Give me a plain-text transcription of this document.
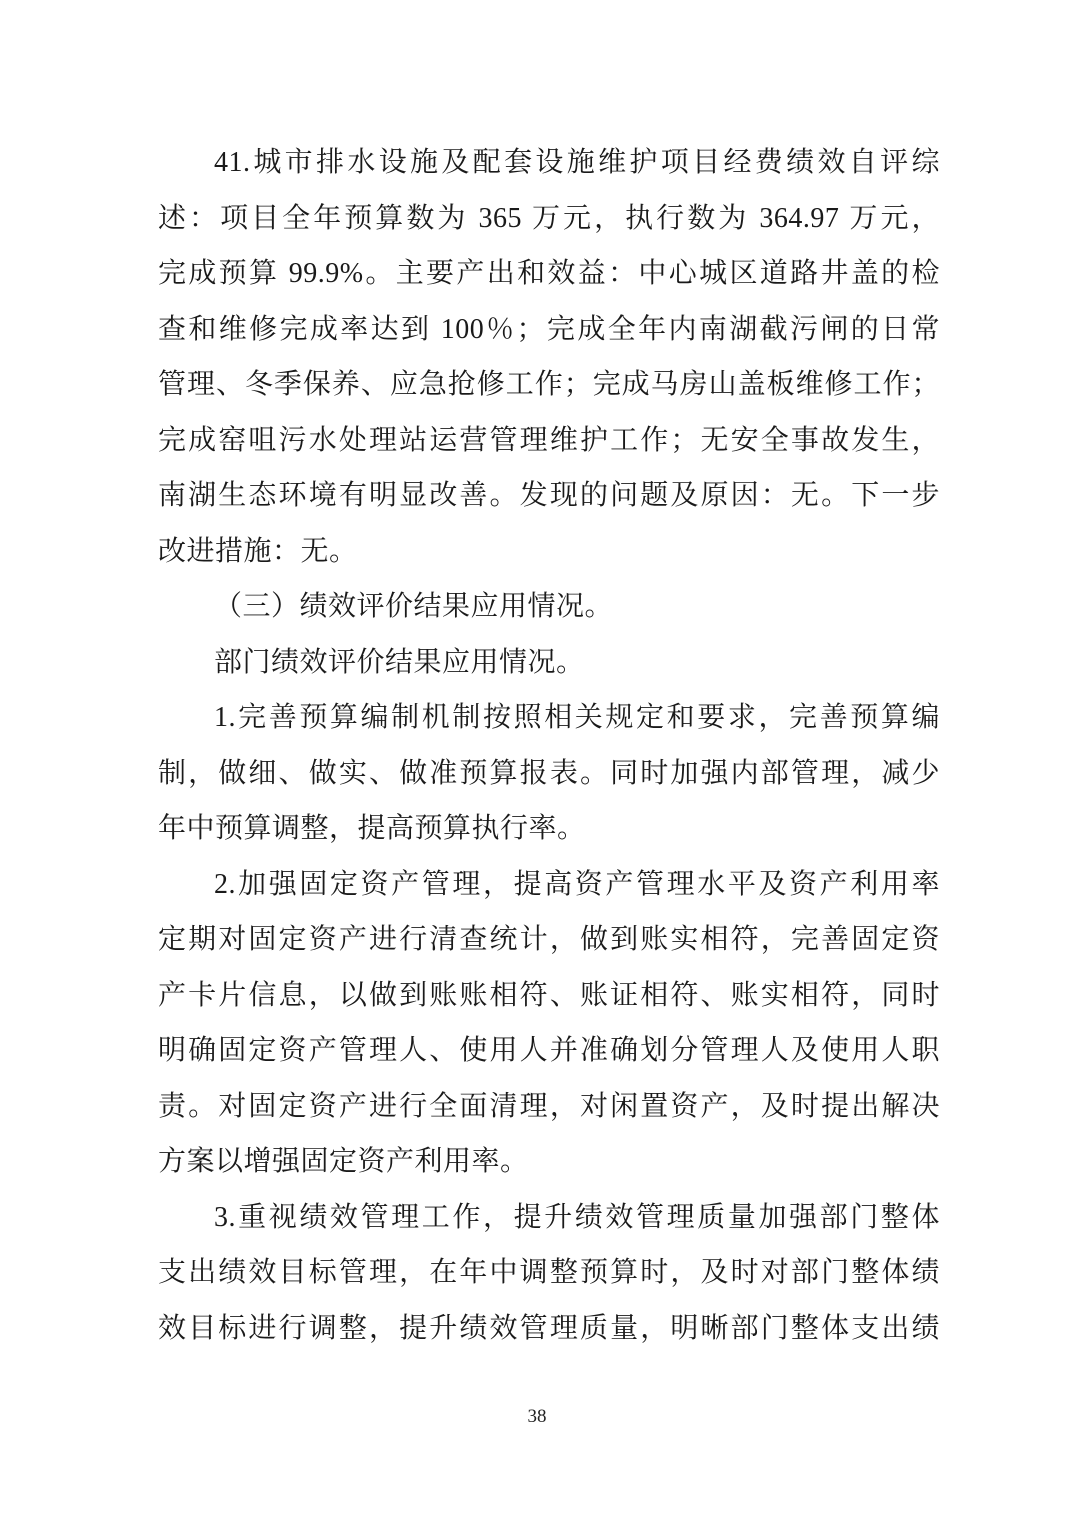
41.城市排水设施及配套设施维护项目经费绩效自评综
述：项目全年预算数为 365 万元，执行数为 364.97 万元，
完成预算 99.9%。主要产出和效益：中心城区道路井盖的检
查和维修完成率达到 100％；完成全年内南湖截污闸的日常
管理、冬季保养、应急抢修工作；完成马房山盖板维修工作；
完成窑咀污水处理站运营管理维护工作；无安全事故发生，
南湖生态环境有明显改善。发现的问题及原因：无。下一步
改进措施：无。
（三）绩效评价结果应用情况。
部门绩效评价结果应用情况。
1.完善预算编制机制按照相关规定和要求，完善预算编
制，做细、做实、做准预算报表。同时加强内部管理，减少
年中预算调整，提高预算执行率。
2.加强固定资产管理，提高资产管理水平及资产利用率
定期对固定资产进行清查统计，做到账实相符，完善固定资
产卡片信息，以做到账账相符、账证相符、账实相符，同时
明确固定资产管理人、使用人并准确划分管理人及使用人职
责。对固定资产进行全面清理，对闲置资产，及时提出解决
方案以增强固定资产利用率。
3.重视绩效管理工作，提升绩效管理质量加强部门整体
支出绩效目标管理，在年中调整预算时，及时对部门整体绩
效目标进行调整，提升绩效管理质量，明晰部门整体支出绩
38
